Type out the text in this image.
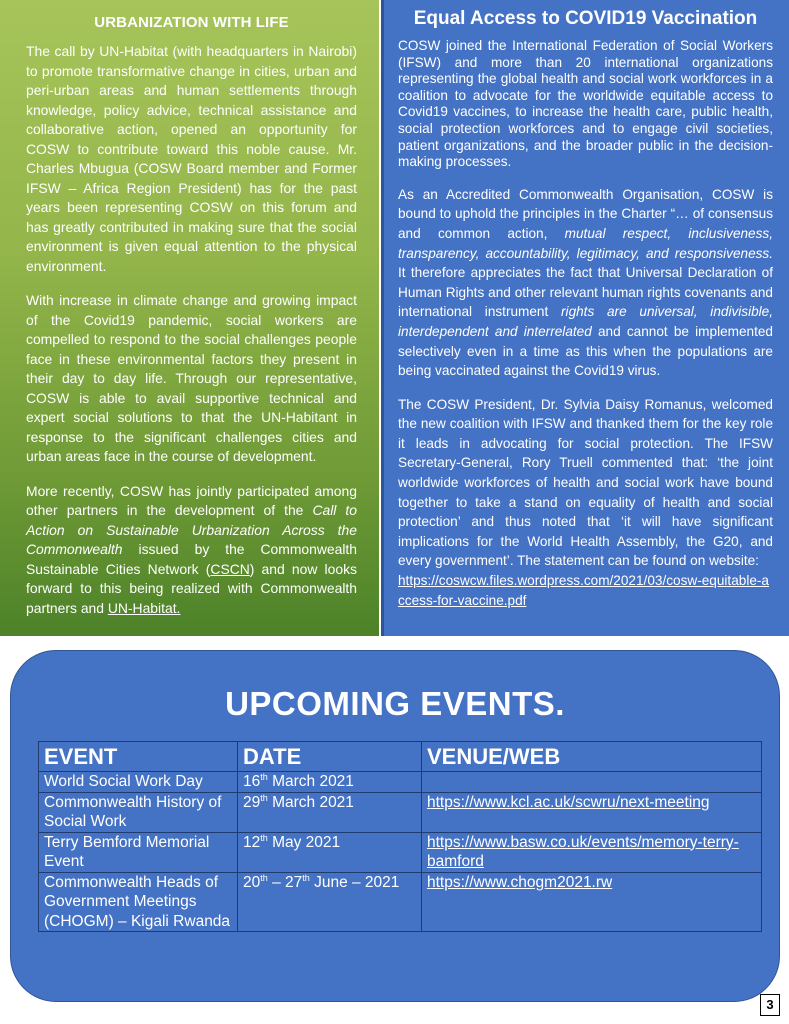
URBANIZATION WITH LIFE

The call by UN-Habitat (with headquarters in Nairobi) to promote transformative change in cities, urban and peri-urban areas and human settlements through knowledge, policy advice, technical assistance and collaborative action, opened an opportunity for COSW to contribute toward this noble cause. Mr. Charles Mbugua (COSW Board member and Former IFSW – Africa Region President) has for the past years been representing COSW on this forum and has greatly contributed in making sure that the social environment is given equal attention to the physical environment.

With increase in climate change and growing impact of the Covid19 pandemic, social workers are compelled to respond to the social challenges people face in these environmental factors they present in their day to day life. Through our representative, COSW is able to avail supportive technical and expert social solutions to that the UN-Habitant in response to the significant challenges cities and urban areas face in the course of development.

More recently, COSW has jointly participated among other partners in the development of the Call to Action on Sustainable Urbanization Across the Commonwealth issued by the Commonwealth Sustainable Cities Network (CSCN) and now looks forward to this being realized with Commonwealth partners and UN-Habitat.

Equal Access to COVID19 Vaccination

COSW joined the International Federation of Social Workers (IFSW) and more than 20 international organizations representing the global health and social work workforces in a coalition to advocate for the worldwide equitable access to Covid19 vaccines, to increase the health care, public health, social protection workforces and to engage civil societies, patient organizations, and the broader public in the decision-making processes.

As an Accredited Commonwealth Organisation, COSW is bound to uphold the principles in the Charter “… of consensus and common action, mutual respect, inclusiveness, transparency, accountability, legitimacy, and responsiveness. It therefore appreciates the fact that Universal Declaration of Human Rights and other relevant human rights covenants and international instrument rights are universal, indivisible, interdependent and interrelated and cannot be implemented selectively even in a time as this when the populations are being vaccinated against the Covid19 virus.

The COSW President, Dr. Sylvia Daisy Romanus, welcomed the new coalition with IFSW and thanked them for the key role it leads in advocating for social protection. The IFSW Secretary-General, Rory Truell commented that: ‘the joint worldwide workforces of health and social work have bound together to take a stand on equality of health and social protection’ and thus noted that ‘it will have significant implications for the World Health Assembly, the G20, and every government’. The statement can be found on website:
https://coswcw.files.wordpress.com/2021/03/cosw-equitable-access-for-vaccine.pdf

UPCOMING EVENTS.
EVENT	DATE	VENUE/WEB
World Social Work Day	16th March 2021	
Commonwealth History of Social Work	29th March 2021	https://www.kcl.ac.uk/scwru/next-meeting
Terry Bemford Memorial Event	12th May 2021	https://www.basw.co.uk/events/memory-terry-bamford
Commonwealth Heads of Government Meetings (CHOGM) – Kigali Rwanda	20th – 27th June – 2021	https://www.chogm2021.rw
3
